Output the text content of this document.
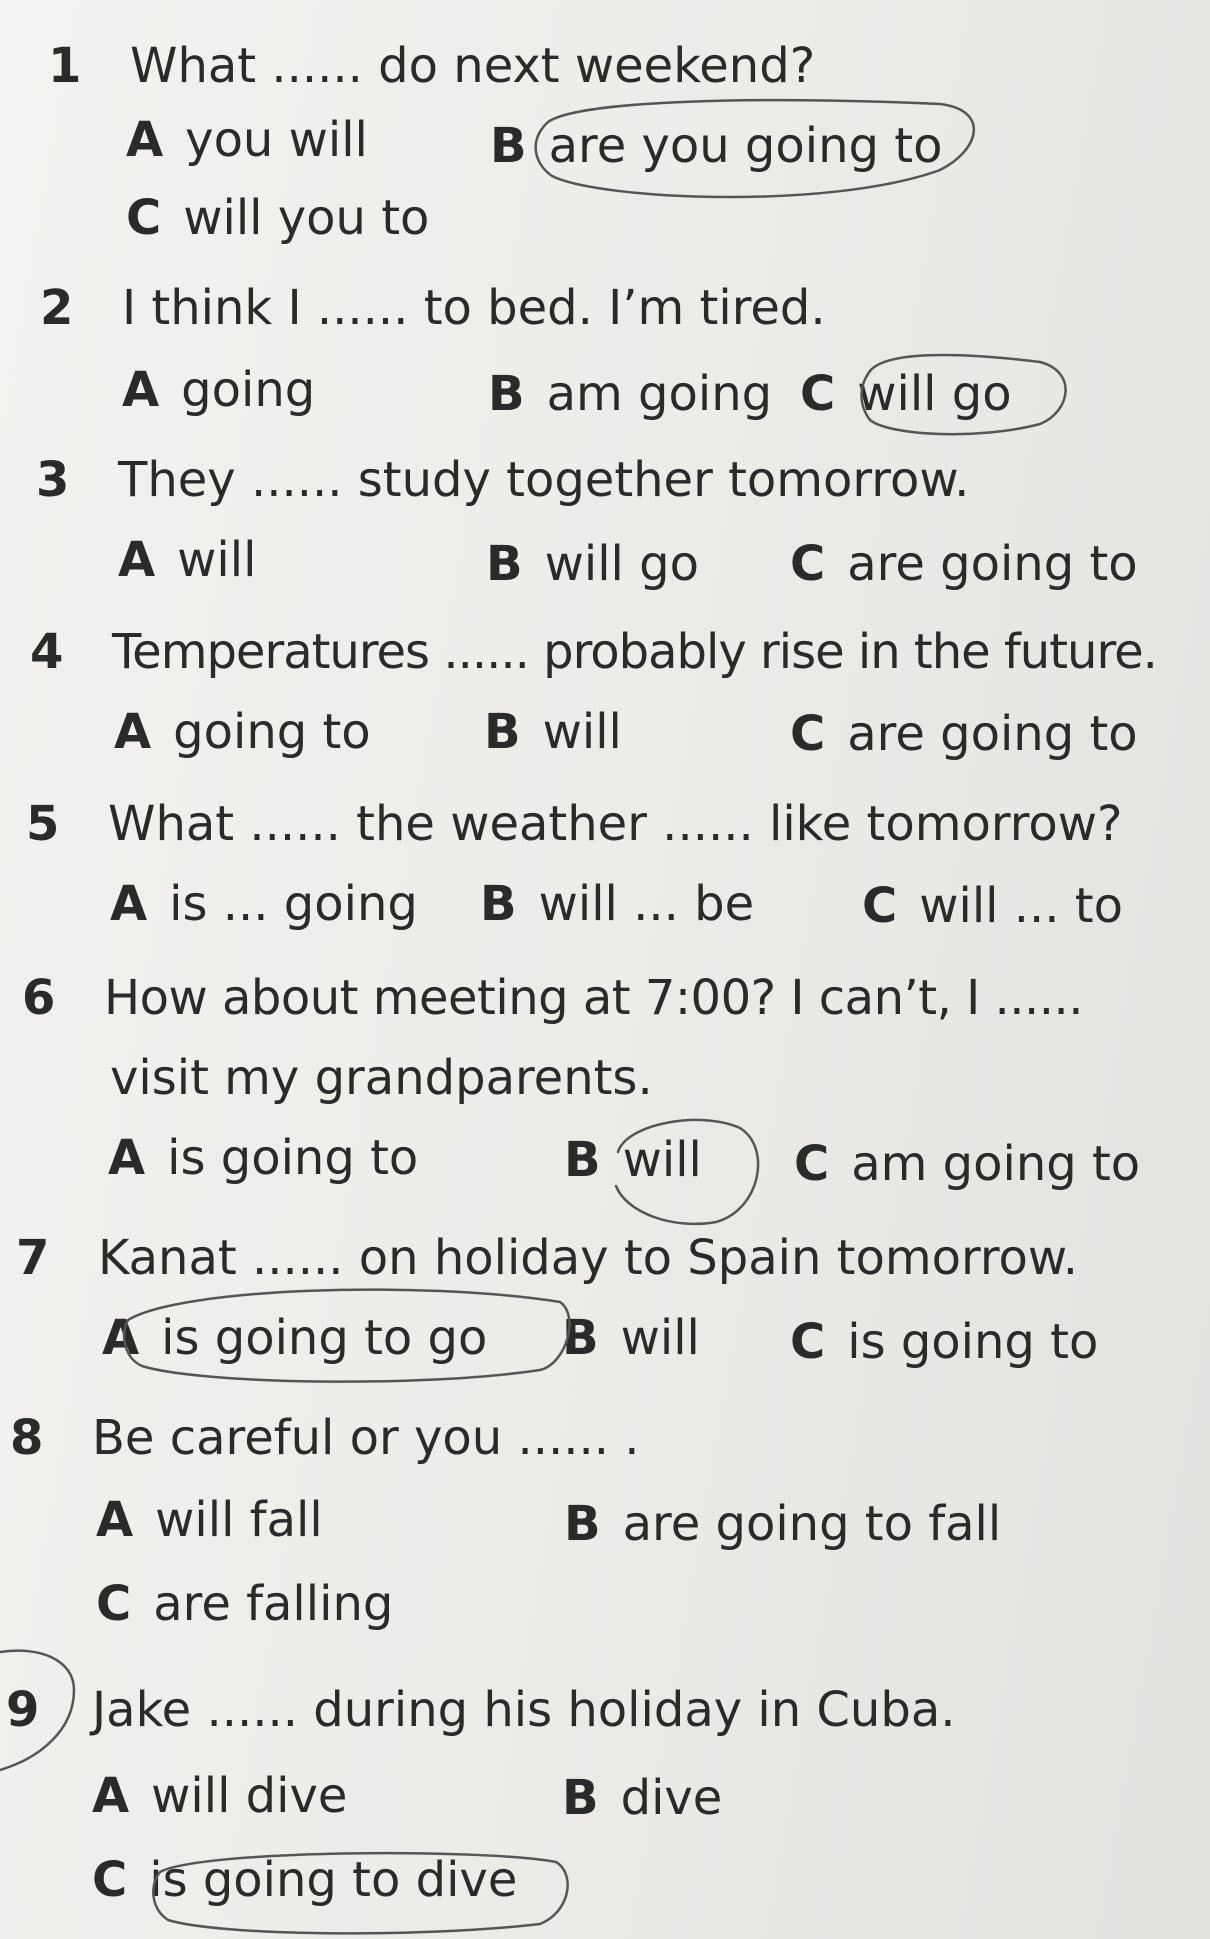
1 What ...... do next weekend?
A you will	B are you going to
C will you to
2 I think I ...... to bed. I’m tired.
A going	B am going C will go
3 They ...... study together tomorrow.
A will	B will go C are going to
4 Temperatures ...... probably rise in the future.
A going to B will	C are going to
5 What ...... the weather ...... like tomorrow?
A is ... going B will ... be C will ... to
6 How about meeting at 7:00? I can’t, I ......
visit my grandparents.
A is going to	B will C am going to
7 Kanat ...... on holiday to Spain tomorrow.
A is going to go B will C is going to
8 Be careful or you ...... .
A will fall	B are going to fall
C are falling
9 Jake ...... during his holiday in Cuba.
A will dive	B dive
C is going to dive
